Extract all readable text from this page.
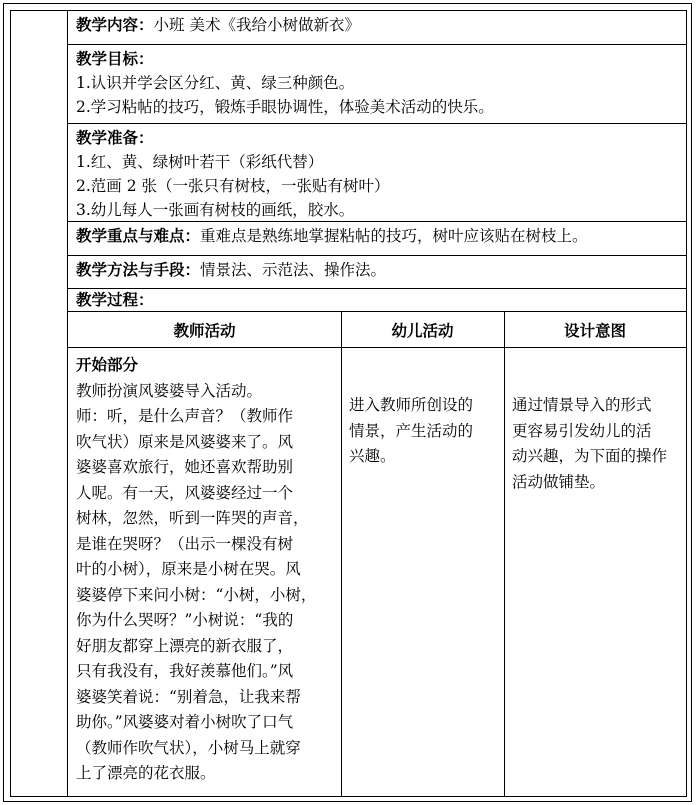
教学内容：小班 美术《我给小树做新衣》
教学目标：
1.认识并学会区分红、黄、绿三种颜色。
2.学习粘帖的技巧，锻炼手眼协调性，体验美术活动的快乐。
教学准备：
1.红、黄、绿树叶若干（彩纸代替）
2.范画 2 张（一张只有树枝，一张贴有树叶）
3.幼儿每人一张画有树枝的画纸，胶水。
教学重点与难点：重难点是熟练地掌握粘帖的技巧，树叶应该贴在树枝上。
教学方法与手段：情景法、示范法、操作法。
教学过程：
教师活动	幼儿活动	设计意图
开始部分
教师扮演风婆婆导入活动。
师：听，是什么声音？（教师作
吹气状）原来是风婆婆来了。风
婆婆喜欢旅行，她还喜欢帮助别
人呢。有一天，风婆婆经过一个
树林，忽然，听到一阵哭的声音，
是谁在哭呀？（出示一棵没有树
叶的小树），原来是小树在哭。风
婆婆停下来问小树：“小树，小树，
你为什么哭呀？”小树说：“我的
好朋友都穿上漂亮的新衣服了，
只有我没有，我好羡慕他们。”风
婆婆笑着说：“别着急，让我来帮
助你。”风婆婆对着小树吹了口气
（教师作吹气状），小树马上就穿
上了漂亮的花衣服。
进入教师所创设的
情景，产生活动的
兴趣。
通过情景导入的形式
更容易引发幼儿的活
动兴趣，为下面的操作
活动做铺垫。
